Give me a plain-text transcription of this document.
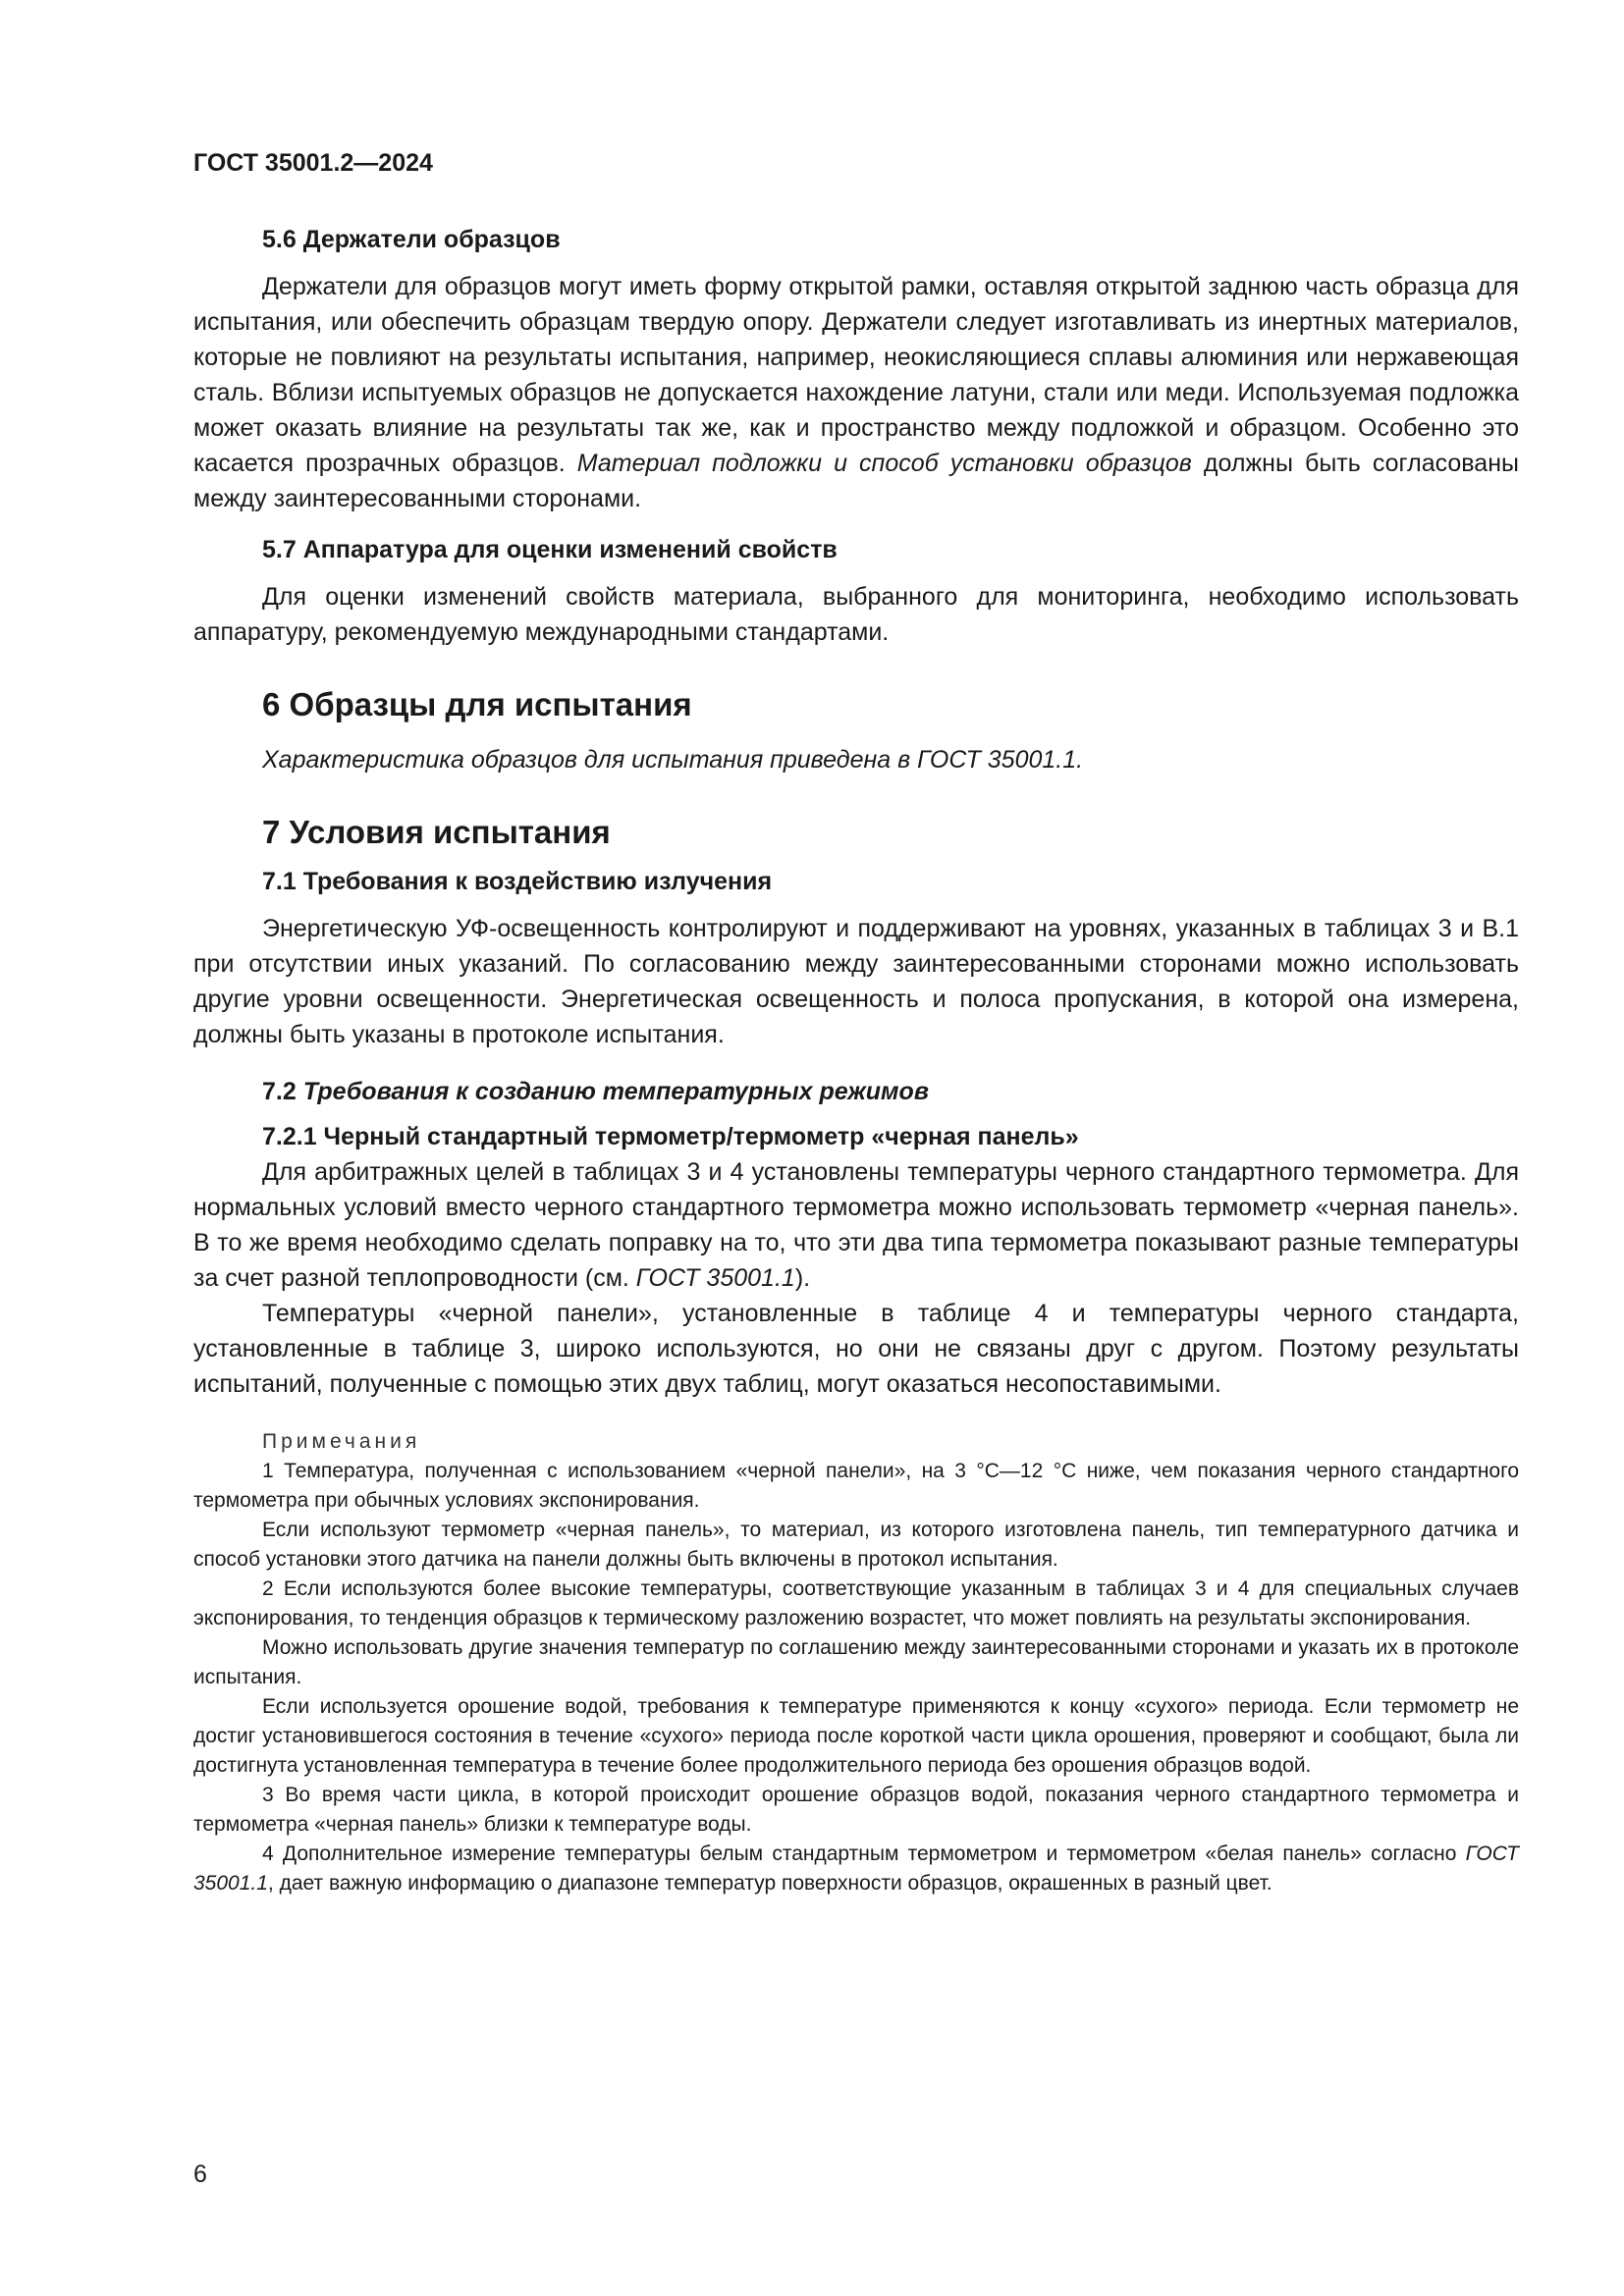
ГОСТ 35001.2—2024

5.6 Держатели образцов

Держатели для образцов могут иметь форму открытой рамки, оставляя открытой заднюю часть образца для испытания, или обеспечить образцам твердую опору. Держатели следует изготавливать из инертных материалов, которые не повлияют на результаты испытания, например, неокисляющиеся сплавы алюминия или нержавеющая сталь. Вблизи испытуемых образцов не допускается нахождение латуни, стали или меди. Используемая подложка может оказать влияние на результаты так же, как и пространство между подложкой и образцом. Особенно это касается прозрачных образцов. Материал подложки и способ установки образцов должны быть согласованы между заинтересованными сторонами.

5.7 Аппаратура для оценки изменений свойств

Для оценки изменений свойств материала, выбранного для мониторинга, необходимо использовать аппаратуру, рекомендуемую международными стандартами.

6 Образцы для испытания

Характеристика образцов для испытания приведена в ГОСТ 35001.1.

7 Условия испытания

7.1 Требования к воздействию излучения

Энергетическую УФ-освещенность контролируют и поддерживают на уровнях, указанных в таблицах 3 и В.1 при отсутствии иных указаний. По согласованию между заинтересованными сторонами можно использовать другие уровни освещенности. Энергетическая освещенность и полоса пропускания, в которой она измерена, должны быть указаны в протоколе испытания.

7.2 Требования к созданию температурных режимов

7.2.1 Черный стандартный термометр/термометр «черная панель»

Для арбитражных целей в таблицах 3 и 4 установлены температуры черного стандартного термометра. Для нормальных условий вместо черного стандартного термометра можно использовать термометр «черная панель». В то же время необходимо сделать поправку на то, что эти два типа термометра показывают разные температуры за счет разной теплопроводности (см. ГОСТ 35001.1).

Температуры «черной панели», установленные в таблице 4 и температуры черного стандарта, установленные в таблице 3, широко используются, но они не связаны друг с другом. Поэтому результаты испытаний, полученные с помощью этих двух таблиц, могут оказаться несопоставимыми.

Примечания

1 Температура, полученная с использованием «черной панели», на 3 °С—12 °С ниже, чем показания черного стандартного термометра при обычных условиях экспонирования.

Если используют термометр «черная панель», то материал, из которого изготовлена панель, тип температурного датчика и способ установки этого датчика на панели должны быть включены в протокол испытания.

2 Если используются более высокие температуры, соответствующие указанным в таблицах 3 и 4 для специальных случаев экспонирования, то тенденция образцов к термическому разложению возрастет, что может повлиять на результаты экспонирования.

Можно использовать другие значения температур по соглашению между заинтересованными сторонами и указать их в протоколе испытания.

Если используется орошение водой, требования к температуре применяются к концу «сухого» периода. Если термометр не достиг установившегося состояния в течение «сухого» периода после короткой части цикла орошения, проверяют и сообщают, была ли достигнута установленная температура в течение более продолжительного периода без орошения образцов водой.

3 Во время части цикла, в которой происходит орошение образцов водой, показания черного стандартного термометра и термометра «черная панель» близки к температуре воды.

4 Дополнительное измерение температуры белым стандартным термометром и термометром «белая панель» согласно ГОСТ 35001.1, дает важную информацию о диапазоне температур поверхности образцов, окрашенных в разный цвет.

6
